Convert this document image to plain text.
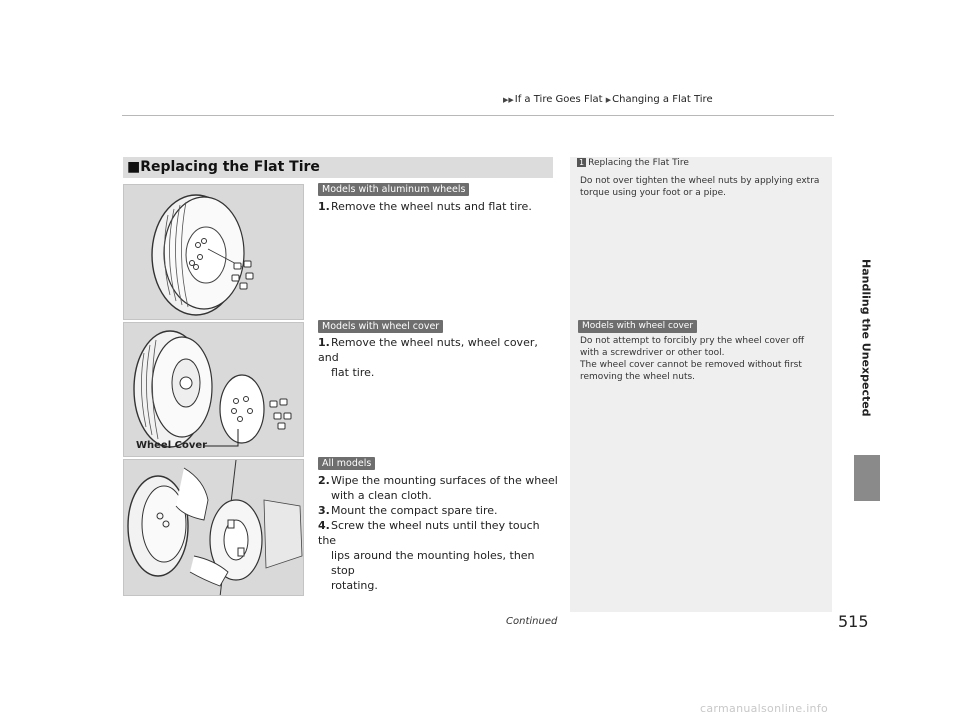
▶▶If a Tire Goes Flat ▶Changing a Flat Tire
Handling the Unexpected
■Replacing the Flat Tire
Models with aluminum wheels
1.Remove the wheel nuts and flat tire.
Wheel Cover
Models with wheel cover
1.Remove the wheel nuts, wheel cover, and
flat tire.
All models
2.Wipe the mounting surfaces of the wheel
with a clean cloth.
3.Mount the compact spare tire.
4.Screw the wheel nuts until they touch the
lips around the mounting holes, then stop
rotating.
1 Replacing the Flat Tire
Do not over tighten the wheel nuts by applying extra
torque using your foot or a pipe.
Models with wheel cover
Do not attempt to forcibly pry the wheel cover off
with a screwdriver or other tool.
The wheel cover cannot be removed without first
removing the wheel nuts.
Continued	515
carmanualsonline.info
